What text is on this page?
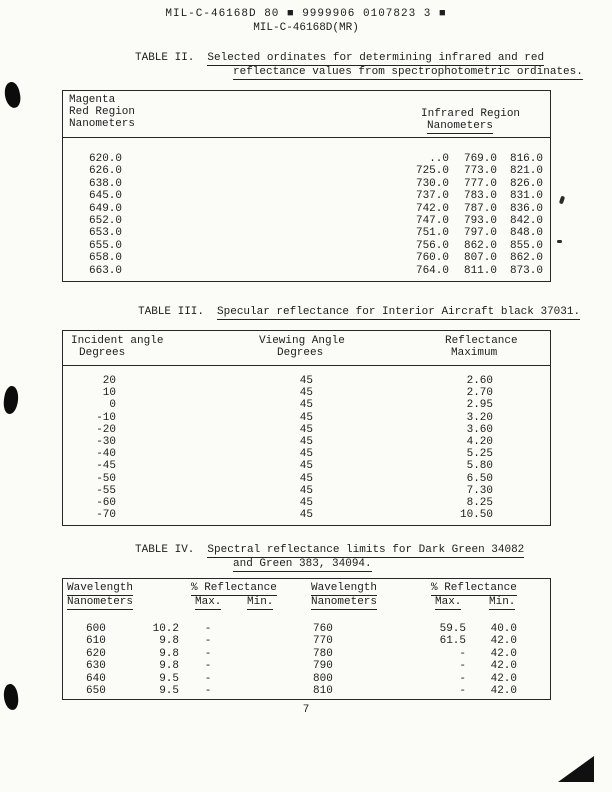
MIL-C-46168D 80 ■ 9999906 0107823 3 ■
MIL-C-46168D(MR)
TABLE II. Selected ordinates for determining infrared and red
reflectance values from spectrophotometric ordinates.
Magenta
Red Region
Nanometers
Infrared Region
Nanometers
620.0	..0	769.0	816.0
626.0	725.0	773.0	821.0
638.0	730.0	777.0	826.0
645.0	737.0	783.0	831.0
649.0	742.0	787.0	836.0
652.0	747.0	793.0	842.0
653.0	751.0	797.0	848.0
655.0	756.0	862.0	855.0
658.0	760.0	807.0	862.0
663.0	764.0	811.0	873.0
TABLE III. Specular reflectance for Interior Aircraft black 37031.
Incident angle
Degrees
Viewing Angle
Degrees
Reflectance
Maximum
20	45	2.60
10	45	2.70
0	45	2.95
-10	45	3.20
-20	45	3.60
-30	45	4.20
-40	45	5.25
-45	45	5.80
-50	45	6.50
-55	45	7.30
-60	45	8.25
-70	45	10.50
TABLE IV. Spectral reflectance limits for Dark Green 34082
and Green 383, 34094.
Wavelength
Nanometers
% Reflectance
Max. Min.
Wavelength
Nanometers
% Reflectance
Max.	Min.
600	10.2 -	760	59.5	40.0
610	9.8 -	770	61.5	42.0
620	9.8 -	780	-	42.0
630	9.8 -	790	-	42.0
640	9.5 -	800	-	42.0
650	9.5 -	810	-	42.0
7
